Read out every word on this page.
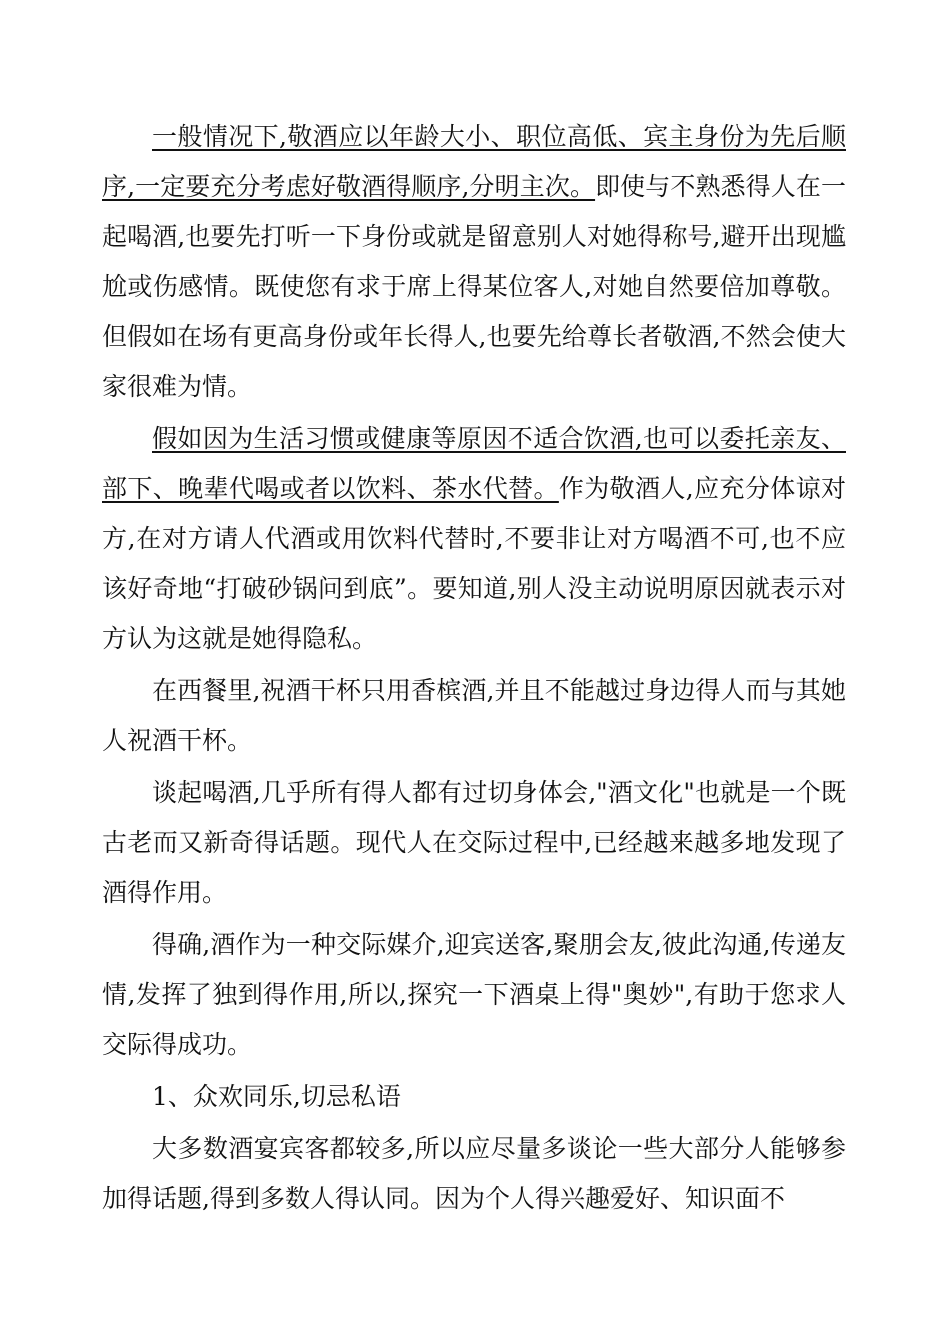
一般情况下,敬酒应以年龄大小、职位高低、宾主身份为先后顺序,一定要充分考虑好敬酒得顺序,分明主次。即使与不熟悉得人在一起喝酒,也要先打听一下身份或就是留意别人对她得称号,避开出现尴尬或伤感情。既使您有求于席上得某位客人,对她自然要倍加尊敬。但假如在场有更高身份或年长得人,也要先给尊长者敬酒,不然会使大家很难为情。

假如因为生活习惯或健康等原因不适合饮酒,也可以委托亲友、部下、晚辈代喝或者以饮料、茶水代替。作为敬酒人,应充分体谅对方,在对方请人代酒或用饮料代替时,不要非让对方喝酒不可,也不应该好奇地“打破砂锅问到底”。要知道,别人没主动说明原因就表示对方认为这就是她得隐私。

在西餐里,祝酒干杯只用香槟酒,并且不能越过身边得人而与其她人祝酒干杯。

谈起喝酒,几乎所有得人都有过切身体会,"酒文化"也就是一个既古老而又新奇得话题。现代人在交际过程中,已经越来越多地发现了酒得作用。

得确,酒作为一种交际媒介,迎宾送客,聚朋会友,彼此沟通,传递友情,发挥了独到得作用,所以,探究一下酒桌上得"奥妙",有助于您求人交际得成功。

1、众欢同乐,切忌私语

大多数酒宴宾客都较多,所以应尽量多谈论一些大部分人能够参加得话题,得到多数人得认同。因为个人得兴趣爱好、知识面不
